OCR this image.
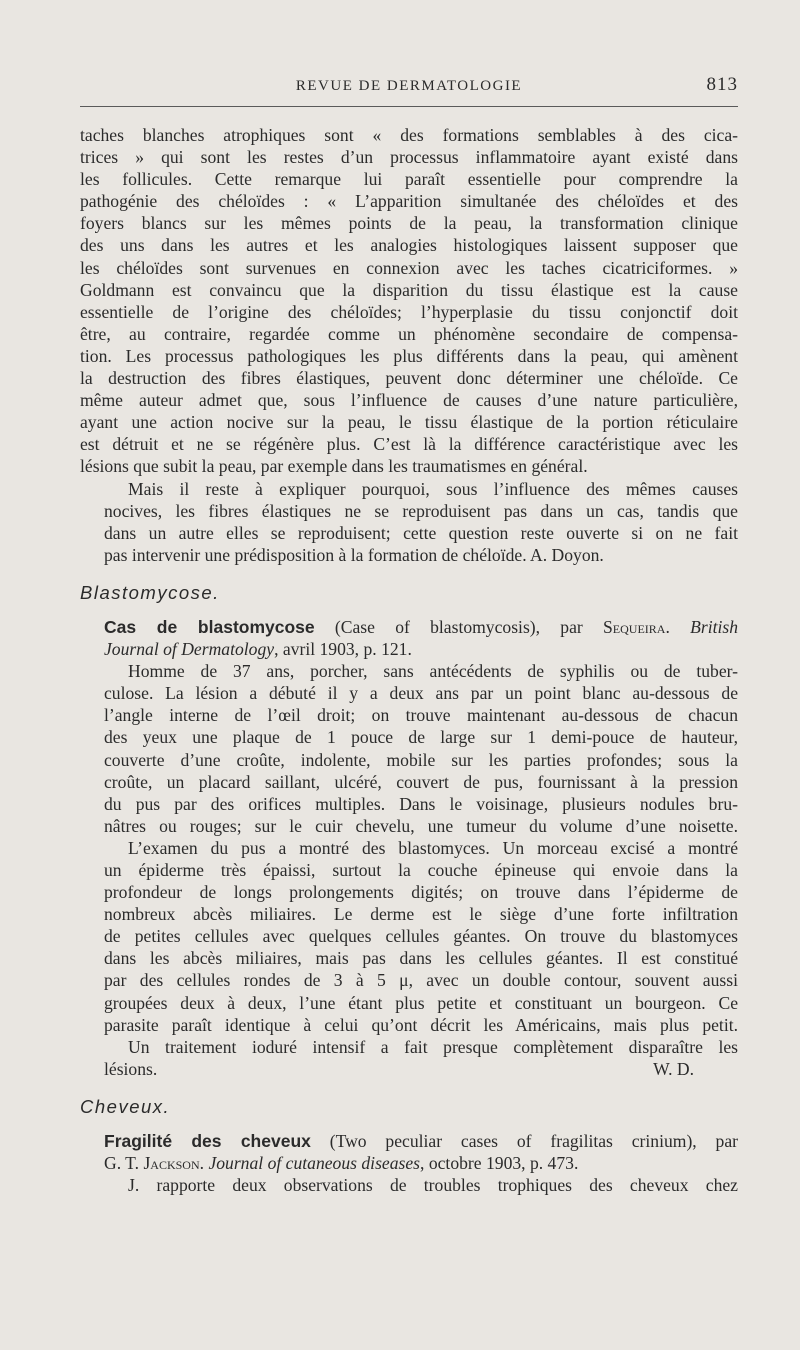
REVUE DE DERMATOLOGIE	813
taches blanches atrophiques sont « des formations semblables à des cica-
trices » qui sont les restes d’un processus inflammatoire ayant existé dans
les follicules. Cette remarque lui paraît essentielle pour comprendre la
pathogénie des chéloïdes : « L’apparition simultanée des chéloïdes et des
foyers blancs sur les mêmes points de la peau, la transformation clinique
des uns dans les autres et les analogies histologiques laissent supposer que
les chéloïdes sont survenues en connexion avec les taches cicatriciformes. »
Goldmann est convaincu que la disparition du tissu élastique est la cause
essentielle de l’origine des chéloïdes; l’hyperplasie du tissu conjonctif doit
être, au contraire, regardée comme un phénomène secondaire de compensa-
tion. Les processus pathologiques les plus différents dans la peau, qui amènent
la destruction des fibres élastiques, peuvent donc déterminer une chéloïde. Ce
même auteur admet que, sous l’influence de causes d’une nature particulière,
ayant une action nocive sur la peau, le tissu élastique de la portion réticulaire
est détruit et ne se régénère plus. C’est là la différence caractéristique avec les
lésions que subit la peau, par exemple dans les traumatismes en général.
Mais il reste à expliquer pourquoi, sous l’influence des mêmes causes
nocives, les fibres élastiques ne se reproduisent pas dans un cas, tandis que
dans un autre elles se reproduisent; cette question reste ouverte si on ne fait
pas intervenir une prédisposition à la formation de chéloïde. A. Doyon.
Blastomycose.
Cas de blastomycose (Case of blastomycosis), par Sequeira. British
Journal of Dermatology, avril 1903, p. 121.
Homme de 37 ans, porcher, sans antécédents de syphilis ou de tuber-
culose. La lésion a débuté il y a deux ans par un point blanc au-dessous de
l’angle interne de l’œil droit; on trouve maintenant au-dessous de chacun
des yeux une plaque de 1 pouce de large sur 1 demi-pouce de hauteur,
couverte d’une croûte, indolente, mobile sur les parties profondes; sous la
croûte, un placard saillant, ulcéré, couvert de pus, fournissant à la pression
du pus par des orifices multiples. Dans le voisinage, plusieurs nodules bru-
nâtres ou rouges; sur le cuir chevelu, une tumeur du volume d’une noisette.
L’examen du pus a montré des blastomyces. Un morceau excisé a montré
un épiderme très épaissi, surtout la couche épineuse qui envoie dans la
profondeur de longs prolongements digités; on trouve dans l’épiderme de
nombreux abcès miliaires. Le derme est le siège d’une forte infiltration
de petites cellules avec quelques cellules géantes. On trouve du blastomyces
dans les abcès miliaires, mais pas dans les cellules géantes. Il est constitué
par des cellules rondes de 3 à 5 μ, avec un double contour, souvent aussi
groupées deux à deux, l’une étant plus petite et constituant un bourgeon. Ce
parasite paraît identique à celui qu’ont décrit les Américains, mais plus petit.
Un traitement ioduré intensif a fait presque complètement disparaître les
lésions.	W. D.
Cheveux.
Fragilité des cheveux (Two peculiar cases of fragilitas crinium), par
G. T. Jackson. Journal of cutaneous diseases, octobre 1903, p. 473.
J. rapporte deux observations de troubles trophiques des cheveux chez
